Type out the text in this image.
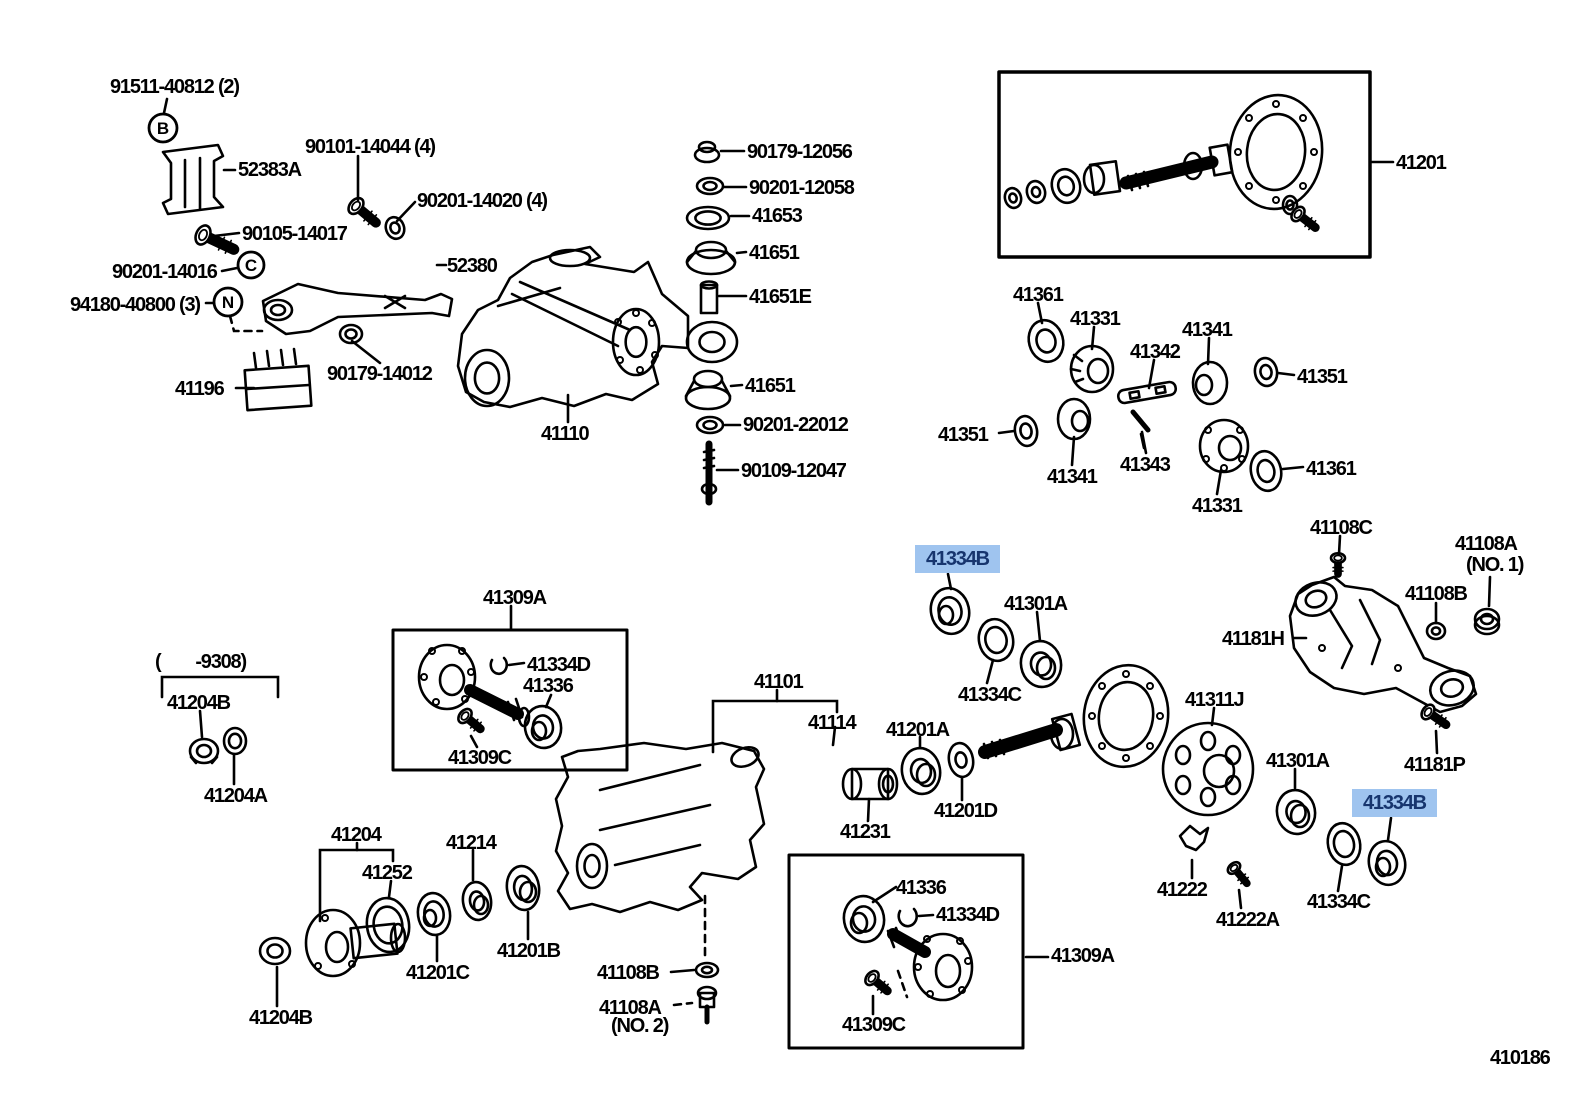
B
C
N
91511-40812 (2)
52383A
90101-14044 (4)
90201-14020 (4)
90105-14017
90201-14016
94180-40800 (3)
41196
90179-14012
52380
41110
90179-12056
90201-12058
41653
41651
41651E
41651
90201-22012
90109-12047
41201
41361
41331
41342
41341
41351
41351
41341
41343
41331
41361
41108C
41108A
(NO. 1)
41108B
41181H
41334B
41301A
41334C
41309A
41334D
41336
41309C
41101
41114 41201A
41201D
41231
41311J
41301A
41334B
41334C
41222
41222A
41181P
(        -9308)
41204B
41204A
41204
41252
41214
41201B
41201C
41204B
41108B
41108A
(NO. 2)
41336
41334D
41309C
41309A
410186
